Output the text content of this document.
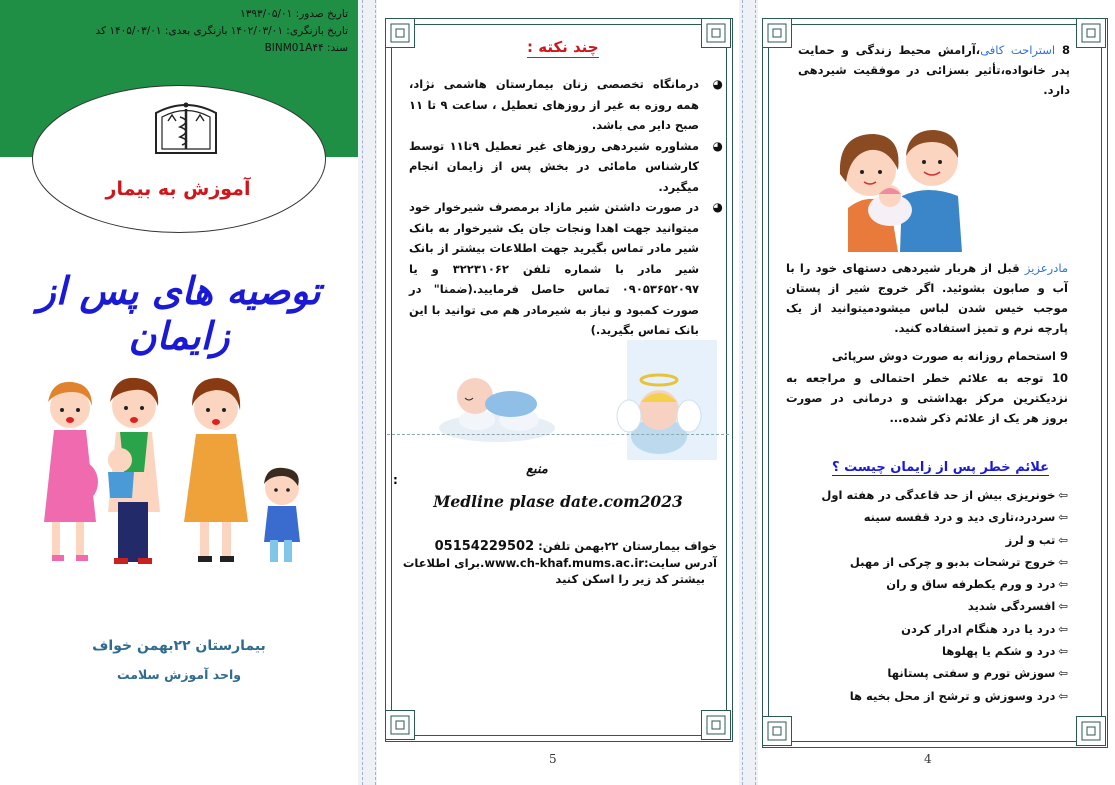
تاریخ صدور: ۱۳۹۳/۰۵/۰۱
تاریخ بازنگری: ۱۴۰۲/۰۳/۰۱ بازنگری بعدی: ۱۴۰۵/۰۳/۰۱ کد
سند: BINM01A۴۴
آموزش به بیمار
توصیه های پس از زایمان
بیمارستان ۲۲بهمن خواف
واحد آموزش سلامت
چند نکته :
◕
درمانگاه تخصصی زنان بیمارستان هاشمی نژاد، همه روزه به غیر از روزهای تعطیل ، ساعت ۹ تا ۱۱ صبح دایر می باشد.
◕
مشاوره شیردهی روزهای غیر تعطیل ۹تا۱۱ توسط کارشناس مامائی در بخش پس از زایمان انجام میگیرد.
◕
در صورت داشتن شیر مازاد برمصرف شیرخوار خود میتوانید جهت اهدا ونجات جان یک شیرخوار به بانک شیر مادر تماس بگیرید جهت اطلاعات بیشتر از بانک شیر مادر با شماره تلفن ۳۲۲۳۱۰۶۲ و یا ۰۹۰۵۳۶۵۲۰۹۷ تماس حاصل فرمایید.(ضمنا" در صورت کمبود و نیاز به شیرمادر هم می توانید با این بانک تماس بگیرید.)
منبع
:
Medline plase date.com2023
خواف بیمارستان ۲۲بهمن تلفن: 05154229502
آدرس سایت:www.ch-khaf.mums.ac.ir.برای اطلاعات
بیشتر کد زیر را اسکن کنید
5
8 استراحت کافی،آرامش محیط زندگی و حمایت پدر خانواده،تأثیر بسزائی در موفقیت شیردهی دارد.
مادرعزیز قبل از هربار شیردهی دستهای خود را با آب و صابون بشوئید. اگر خروج شیر از پستان موجب خیس شدن لباس میشودمیتوانید از یک پارچه نرم و تمیز استفاده کنید.
9 استحمام روزانه به صورت دوش سرپائی
10 توجه به علائم خطر احتمالی و مراجعه به نزدیکترین مرکز بهداشتی و درمانی در صورت بروز هر یک از علائم ذکر شده...
علائم خطر پس از زایمان چیست ؟
⇦خونریزی بیش از حد قاعدگی در هفته اول
⇦سردرد،تاری دید و درد قفسه سینه
⇦تب و لرز
⇦خروج ترشحات بدبو و چرکی از مهبل
⇦درد و ورم یکطرفه ساق و ران
⇦افسردگی شدید
⇦درد یا درد هنگام ادرار کردن
⇦درد و شکم یا پهلوها
⇦سوزش تورم و سفتی پستانها
⇦درد وسوزش و ترشح از محل بخیه ها
4
